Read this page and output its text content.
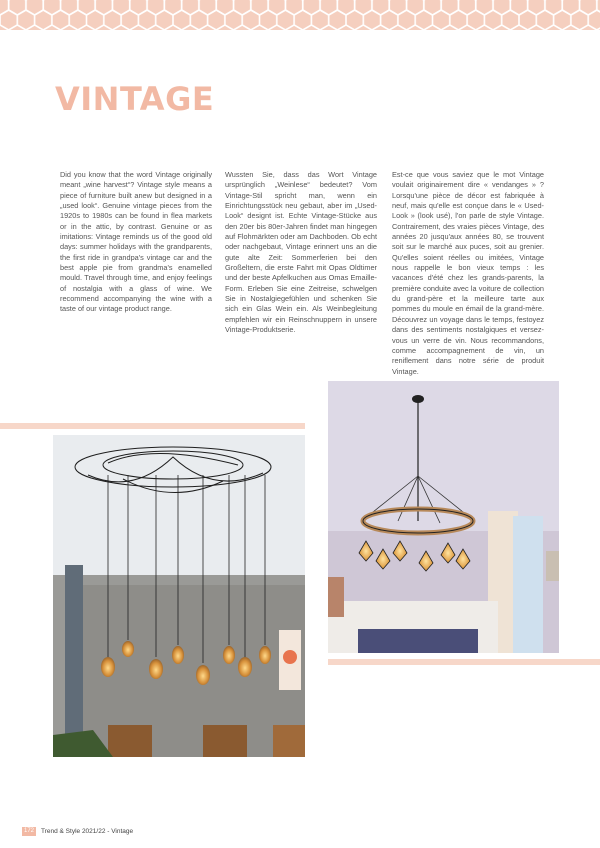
VINTAGE

Did you know that the word Vintage originally meant „wine harvest“? Vintage style means a piece of furniture built anew but designed in a „used look“. Genuine vintage pieces from the 1920s to 1980s can be found in flea markets or in the attic, by contrast. Genuine or as imitations: Vintage reminds us of the good old days: summer holidays with the grandparents, the first ride in grandpa's vintage car and the best apple pie from grandma's enamelled mould. Travel through time, and enjoy feelings of nostalgia with a glass of wine. We recommend accompanying the wine with a taste of our vintage product range.

Wussten Sie, dass das Wort Vintage ursprünglich „Weinlese“ bedeutet? Vom Vintage-Stil spricht man, wenn ein Einrichtungsstück neu gebaut, aber im „Used-Look“ designt ist. Echte Vintage-Stücke aus den 20er bis 80er-Jahren findet man hingegen auf Flohmärkten oder am Dachboden. Ob echt oder nachgebaut, Vintage erinnert uns an die gute alte Zeit: Sommerferien bei den Großeltern, die erste Fahrt mit Opas Oldtimer und der beste Apfelkuchen aus Omas Emaille-Form. Erleben Sie eine Zeitreise, schwelgen Sie in Nostalgiegefühlen und schenken Sie sich ein Glas Wein ein. Als Weinbegleitung empfehlen wir ein Reinschnuppern in unsere Vintage-Produktserie.

Est-ce que vous saviez que le mot Vintage voulait originairement dire « vendanges » ? Lorsqu'une pièce de décor est fabriquée à neuf, mais qu'elle est conçue dans le « Used-Look » (look usé), l'on parle de style Vintage. Contrairement, des vraies pièces Vintage, des années 20 jusqu'aux années 80, se trouvent soit sur le marché aux puces, soit au grenier. Qu'elles soient réelles ou imitées, Vintage nous rappelle le bon vieux temps : les vacances d'été chez les grands-parents, la première conduite avec la voiture de collection du grand-père et la meilleure tarte aux pommes du moule en émail de la grand-mère. Découvrez un voyage dans le temps, festoyez dans des sentiments nostalgiques et versez-vous un verre de vin. Nous recommandons, comme accompagnement de vin, un reniflement dans notre série de produit Vintage.

172	Trend & Style 2021/22 - Vintage
